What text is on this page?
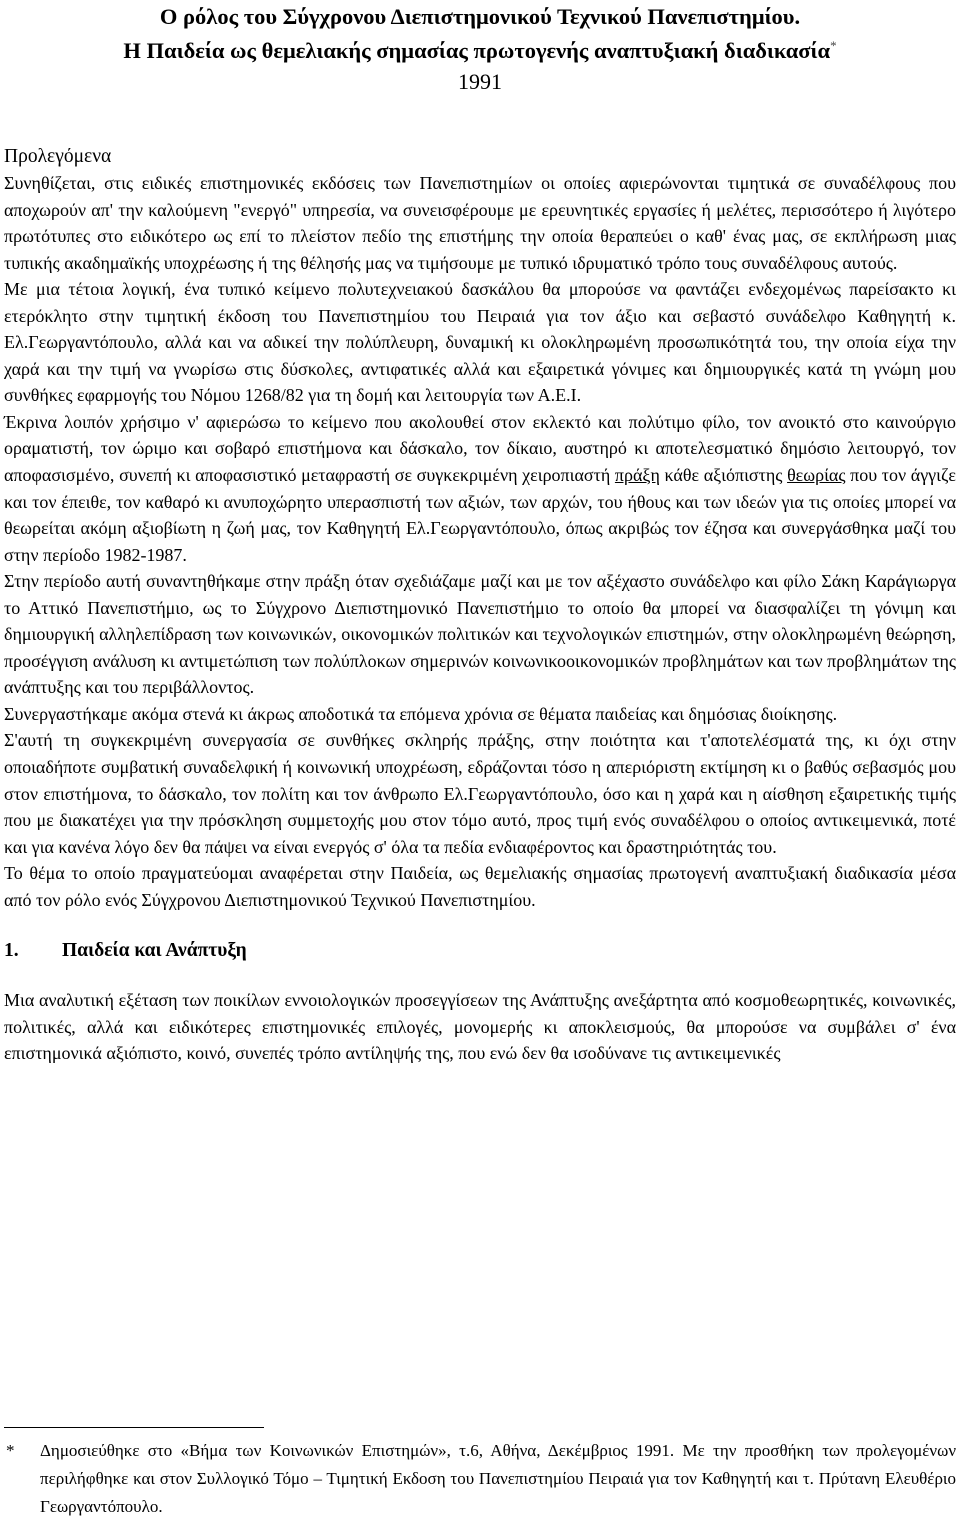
Ο ρόλος του Σύγχρονου Διεπιστημονικού Τεχνικού Πανεπιστημίου.
Η Παιδεία ως θεμελιακής σημασίας πρωτογενής αναπτυξιακή διαδικασία*
1991
Προλεγόμενα

Συνηθίζεται, στις ειδικές επιστημονικές εκδόσεις των Πανεπιστημίων οι οποίες αφιερώνονται τιμητικά σε συναδέλφους που αποχωρούν απ' την καλούμενη "ενεργό" υπηρεσία, να συνεισφέρουμε με ερευνητικές εργασίες ή μελέτες, περισσότερο ή λιγότερο πρωτότυπες στο ειδικότερο ως επί το πλείστον πεδίο της επιστήμης την οποία θεραπεύει ο καθ' ένας μας, σε εκπλήρωση μιας τυπικής ακαδημαϊκής υποχρέωσης ή της θέλησής μας να τιμήσουμε με τυπικό ιδρυματικό τρόπο τους συναδέλφους αυτούς.

Με μια τέτοια λογική, ένα τυπικό κείμενο πολυτεχνειακού δασκάλου θα μπορούσε να φαντάζει ενδεχομένως παρείσακτο κι ετερόκλητο στην τιμητική έκδοση του Πανεπιστημίου του Πειραιά για τον άξιο και σεβαστό συνάδελφο Καθηγητή κ. Ελ.Γεωργαντόπουλο, αλλά και να αδικεί την πολύπλευρη, δυναμική κι ολοκληρωμένη προσωπικότητά του, την οποία είχα την χαρά και την τιμή να γνωρίσω στις δύσκολες, αντιφατικές αλλά και εξαιρετικά γόνιμες και δημιουργικές κατά τη γνώμη μου συνθήκες εφαρμογής του Νόμου 1268/82 για τη δομή και λειτουργία των Α.Ε.Ι.

Έκρινα λοιπόν χρήσιμο ν' αφιερώσω το κείμενο που ακολουθεί στον εκλεκτό και πολύτιμο φίλο, τον ανοικτό στο καινούργιο οραματιστή, τον ώριμο και σοβαρό επιστήμονα και δάσκαλο, τον δίκαιο, αυστηρό κι αποτελεσματικό δημόσιο λειτουργό, τον αποφασισμένο, συνεπή κι αποφασιστικό μεταφραστή σε συγκεκριμένη χειροπιαστή πράξη κάθε αξιόπιστης θεωρίας που τον άγγιζε και τον έπειθε, τον καθαρό κι ανυποχώρητο υπερασπιστή των αξιών, των αρχών, του ήθους και των ιδεών για τις οποίες μπορεί να θεωρείται ακόμη αξιοβίωτη η ζωή μας, τον Καθηγητή Ελ.Γεωργαντόπουλο, όπως ακριβώς τον έζησα και συνεργάσθηκα μαζί του στην περίοδο 1982-1987.

Στην περίοδο αυτή συναντηθήκαμε στην πράξη όταν σχεδιάζαμε μαζί και με τον αξέχαστο συνάδελφο και φίλο Σάκη Καράγιωργα το Αττικό Πανεπιστήμιο, ως το Σύγχρονο Διεπιστημονικό Πανεπιστήμιο το οποίο θα μπορεί να διασφαλίζει τη γόνιμη και δημιουργική αλληλεπίδραση των κοινωνικών, οικονομικών πολιτικών και τεχνολογικών επιστημών, στην ολοκληρωμένη θεώρηση, προσέγγιση ανάλυση κι αντιμετώπιση των πολύπλοκων σημερινών κοινωνικοοικονομικών προβλημάτων και των προβλημάτων της ανάπτυξης και του περιβάλλοντος.

Συνεργαστήκαμε ακόμα στενά κι άκρως αποδοτικά τα επόμενα χρόνια σε θέματα παιδείας και δημόσιας διοίκησης.

Σ'αυτή τη συγκεκριμένη συνεργασία σε συνθήκες σκληρής πράξης, στην ποιότητα και τ'αποτελέσματά της, κι όχι στην οποιαδήποτε συμβατική συναδελφική ή κοινωνική υποχρέωση, εδράζονται τόσο η απεριόριστη εκτίμηση κι ο βαθύς σεβασμός μου στον επιστήμονα, το δάσκαλο, τον πολίτη και τον άνθρωπο Ελ.Γεωργαντόπουλο, όσο και η χαρά και η αίσθηση εξαιρετικής τιμής που με διακατέχει για την πρόσκληση συμμετοχής μου στον τόμο αυτό, προς τιμή ενός συναδέλφου ο οποίος αντικειμενικά, ποτέ και για κανένα λόγο δεν θα πάψει να είναι ενεργός σ' όλα τα πεδία ενδιαφέροντος και δραστηριότητάς του.

Το θέμα το οποίο πραγματεύομαι αναφέρεται στην Παιδεία, ως θεμελιακής σημασίας πρωτογενή αναπτυξιακή διαδικασία μέσα από τον ρόλο ενός Σύγχρονου Διεπιστημονικού Τεχνικού Πανεπιστημίου.

1. Παιδεία και Ανάπτυξη

Μια αναλυτική εξέταση των ποικίλων εννοιολογικών προσεγγίσεων της Ανάπτυξης ανεξάρτητα από κοσμοθεωρητικές, κοινωνικές, πολιτικές, αλλά και ειδικότερες επιστημονικές επιλογές, μονομερής κι αποκλεισμούς, θα μπορούσε να συμβάλει σ' ένα επιστημονικά αξιόπιστο, κοινό, συνεπές τρόπο αντίληψής της, που ενώ δεν θα ισοδύνανε τις αντικειμενικές

*	Δημοσιεύθηκε στο «Βήμα των Κοινωνικών Επιστημών», τ.6, Αθήνα, Δεκέμβριος 1991. Με την προσθήκη των προλεγομένων περιλήφθηκε και στον Συλλογικό Τόμο – Τιμητική Εκδοση του Πανεπιστημίου Πειραιά για τον Καθηγητή και τ. Πρύτανη Ελευθέριο Γεωργαντόπουλο.
